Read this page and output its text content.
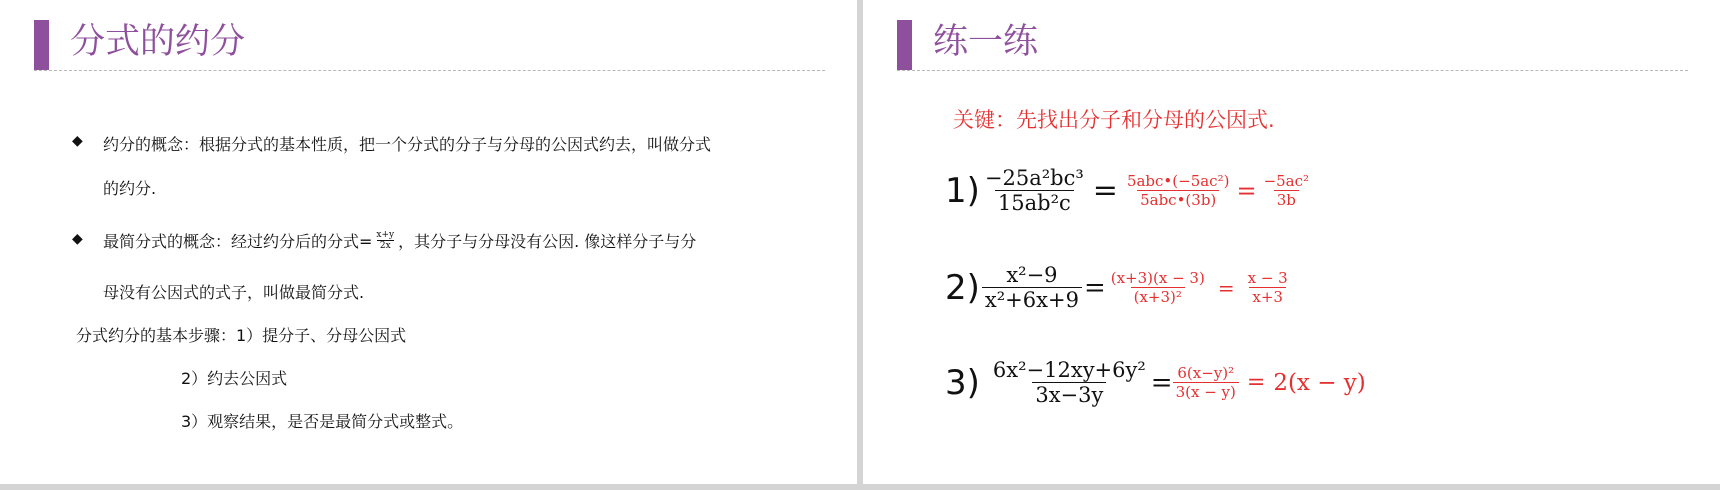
分式的约分
◆ 约分的概念：根据分式的基本性质，把一个分式的分子与分母的公因式约去，叫做分式
的约分.
◆ 最简分式的概念：经过约分后的分式= $\frac{x+y}{2x}$ ，其分子与分母没有公因. 像这样分子与分
母没有公因式的式子，叫做最简分式.
分式约分的基本步骤：1）提分子、分母公因式
2）约去公因式
3）观察结果，是否是最简分式或整式。
练一练
关键：先找出分子和分母的公因式.
$1) \frac{\text{−25a²bc³}}{\text{15ab²c}} = \frac{\text{5abc•(−5ac²)}}{\text{5abc•(3b)}} = \frac{\text{−5ac²}}{3b}$
$2) \frac{\text{x²−9}}{\text{x²+6x+9}} = \frac{(x+3)(x - 3)}{\text{(x+3)²}} = \frac{x - 3}{x+3}$
$3) \frac{\text{6x²−12xy+6y²}}{3x-3y} = \frac{\text{6(x−y)²}}{3(x - y)} = 2(x - y)$
